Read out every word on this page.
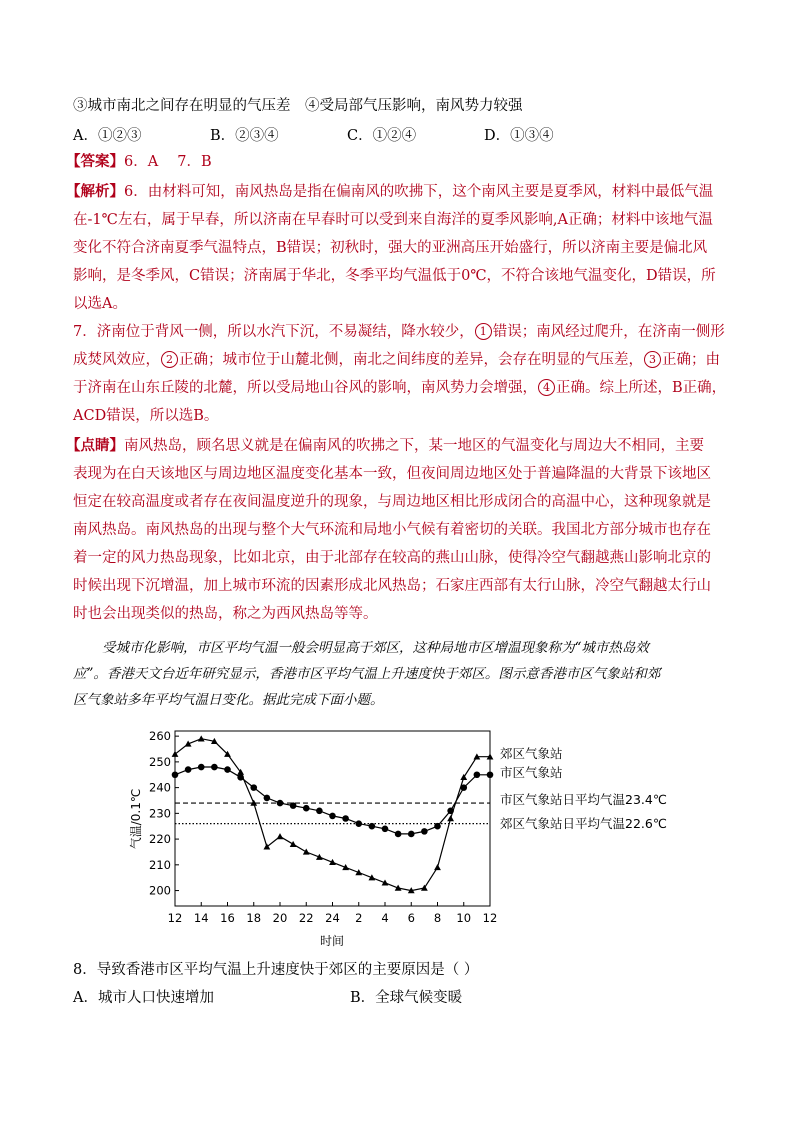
③城市南北之间存在明显的气压差　④受局部气压影响，南风势力较强
A．①②③	B．②③④	C．①②④	D．①③④
【答案】6．A　 7．B
【解析】6．由材料可知，南风热岛是指在偏南风的吹拂下，这个南风主要是夏季风，材料中最低气温
在-1℃左右，属于早春，所以济南在早春时可以受到来自海洋的夏季风影响,A正确；材料中该地气温
变化不符合济南夏季气温特点，B错误；初秋时，强大的亚洲高压开始盛行，所以济南主要是偏北风
影响，是冬季风，C错误；济南属于华北，冬季平均气温低于0℃，不符合该地气温变化，D错误，所
以选A。
7．济南位于背风一侧，所以水汽下沉，不易凝结，降水较少， 1 错误；南风经过爬升，在济南一侧形
成焚风效应， 2 正确；城市位于山麓北侧，南北之间纬度的差异，会存在明显的气压差， 3 正确；由
于济南在山东丘陵的北麓，所以受局地山谷风的影响，南风势力会增强， 4 正确。综上所述，B正确，
ACD错误，所以选B。
【点睛】南风热岛，顾名思义就是在偏南风的吹拂之下，某一地区的气温变化与周边大不相同，主要
表现为在白天该地区与周边地区温度变化基本一致，但夜间周边地区处于普遍降温的大背景下该地区
恒定在较高温度或者存在夜间温度逆升的现象，与周边地区相比形成闭合的高温中心，这种现象就是
南风热岛。南风热岛的出现与整个大气环流和局地小气候有着密切的关联。我国北方部分城市也存在
着一定的风力热岛现象，比如北京，由于北部存在较高的燕山山脉，使得冷空气翻越燕山影响北京的
时候出现下沉增温，加上城市环流的因素形成北风热岛；石家庄西部有太行山脉，冷空气翻越太行山
时也会出现类似的热岛，称之为西风热岛等等。
受城市化影响，市区平均气温一般会明显高于郊区，这种局地市区增温现象称为“城市热岛效
应”。香港天文台近年研究显示，香港市区平均气温上升速度快于郊区。图示意香港市区气象站和郊
区气象站多年平均气温日变化。据此完成下面小题。
200
210
220
230
240
250
260
12 14 16 18 20 22 24 2 4 6 8 10 12
气温/0.1℃
时间
郊区气象站
市区气象站
市区气象站日平均气温23.4℃
郊区气象站日平均气温22.6℃
8．导致香港市区平均气温上升速度快于郊区的主要原因是（ ）
A．城市人口快速增加	B．全球气候变暖
